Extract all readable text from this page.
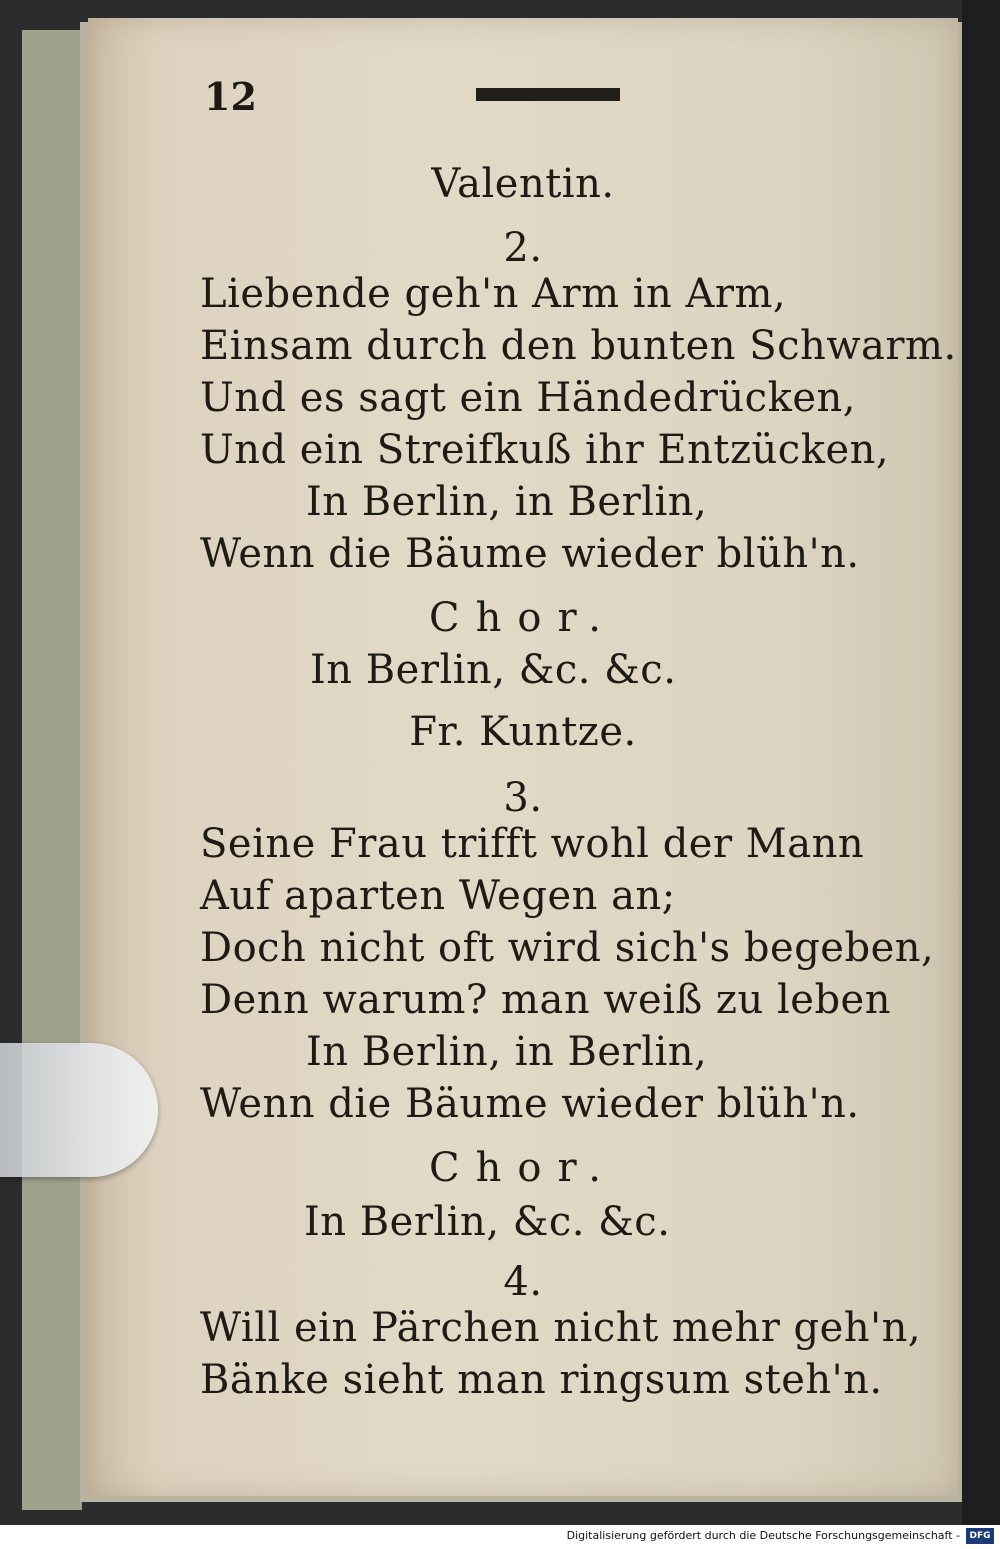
12
Valentin.
2.
Liebende geh'n Arm in Arm,
Einsam durch den bunten Schwarm.
Und es sagt ein Händedrücken,
Und ein Streifkuß ihr Entzücken,
In Berlin, in Berlin,
Wenn die Bäume wieder blüh'n.
Chor.
In Berlin, &c. &c.
Fr. Kuntze.
3.
Seine Frau trifft wohl der Mann
Auf aparten Wegen an;
Doch nicht oft wird sich's begeben,
Denn warum? man weiß zu leben
In Berlin, in Berlin,
Wenn die Bäume wieder blüh'n.
Chor.
In Berlin, &c. &c.
4.
Will ein Pärchen nicht mehr geh'n,
Bänke sieht man ringsum steh'n.
Digitalisierung gefördert durch die Deutsche Forschungsgemeinschaft -	DFG
